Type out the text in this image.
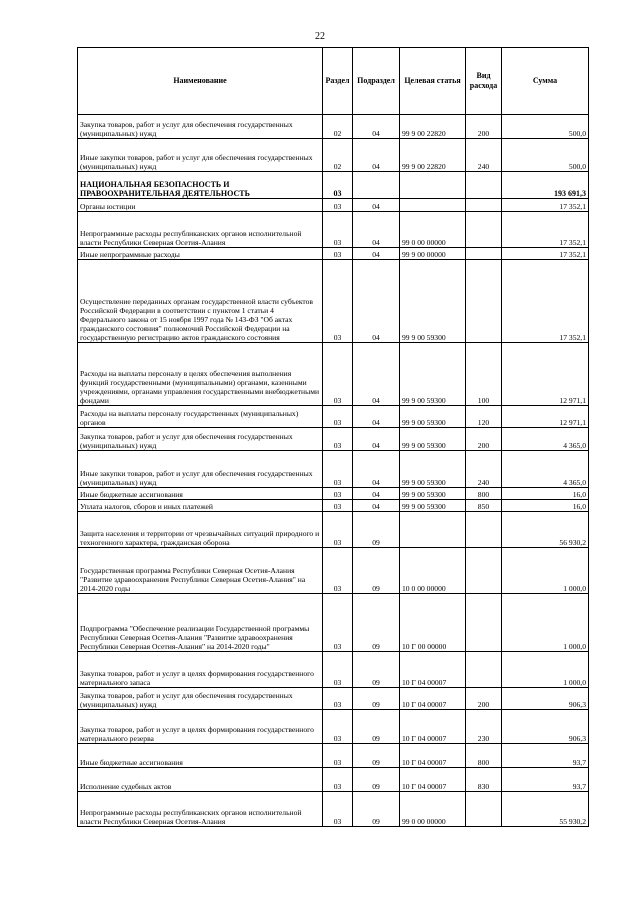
22
Наименование	Раздел	Подраздел	Целевая статья	Вид расхода	Сумма
Закупка товаров, работ и услуг для обеспечения государственных (муниципальных) нужд	02	04	99 9 00 22820	200	500,0
Иные закупки товаров, работ и услуг для обеспечения государственных (муниципальных) нужд	02	04	99 9 00 22820	240	500,0
НАЦИОНАЛЬНАЯ БЕЗОПАСНОСТЬ И ПРАВООХРАНИТЕЛЬНАЯ ДЕЯТЕЛЬНОСТЬ	03				193 691,3
Органы юстиции	03	04			17 352,1
Непрограммные расходы республиканских органов исполнительной власти Республики Северная Осетия-Алания	03	04	99 0 00 00000		17 352,1
Иные непрограммные расходы	03	04	99 9 00 00000		17 352,1
Осуществление переданных органам государственной власти субъектов Российской Федерации в соответствии с пунктом 1 статьи 4 Федерального закона от 15 ноября 1997 года № 143-ФЗ "Об актах гражданского состояния" полномочий Российской Федерации на государственную регистрацию актов гражданского состояния	03	04	99 9 00 59300		17 352,1
Расходы на выплаты персоналу в целях обеспечения выполнения функций государственными (муниципальными) органами, казенными учреждениями, органами управления государственными внебюджетными фондами	03	04	99 9 00 59300	100	12 971,1
Расходы на выплаты персоналу государственных (муниципальных) органов	03	04	99 9 00 59300	120	12 971,1
Закупка товаров, работ и услуг для обеспечения государственных (муниципальных) нужд	03	04	99 9 00 59300	200	4 365,0
Иные закупки товаров, работ и услуг для обеспечения государственных (муниципальных) нужд	03	04	99 9 00 59300	240	4 365,0
Иные бюджетные ассигнования	03	04	99 9 00 59300	800	16,0
Уплата налогов, сборов и иных платежей	03	04	99 9 00 59300	850	16,0
Защита населения и территории от чрезвычайных ситуаций природного и техногенного характера, гражданская оборона	03	09			56 930,2
Государственная программа Республики Северная Осетия-Алания "Развитие здравоохранения Республики Северная Осетия-Алания" на 2014-2020 годы	03	09	10 0 00 00000		1 000,0
Подпрограмма "Обеспечение реализации Государственной программы Республики Северная Осетия-Алания "Развитие здравоохранения Республики Северная Осетия-Алания" на 2014-2020 годы"	03	09	10 Г 00 00000		1 000,0
Закупка товаров, работ и услуг в целях формирования государственного материального запаса	03	09	10 Г 04 00007		1 000,0
Закупка товаров, работ и услуг для обеспечения государственных (муниципальных) нужд	03	09	10 Г 04 00007	200	906,3
Закупка товаров, работ и услуг в целях формирования государственного материального резерва	03	09	10 Г 04 00007	230	906,3
Иные бюджетные ассигнования	03	09	10 Г 04 00007	800	93,7
Исполнение судебных актов	03	09	10 Г 04 00007	830	93,7
Непрограммные расходы республиканских органов исполнительной власти Республики Северная Осетия-Алания	03	09	99 0 00 00000		55 930,2
